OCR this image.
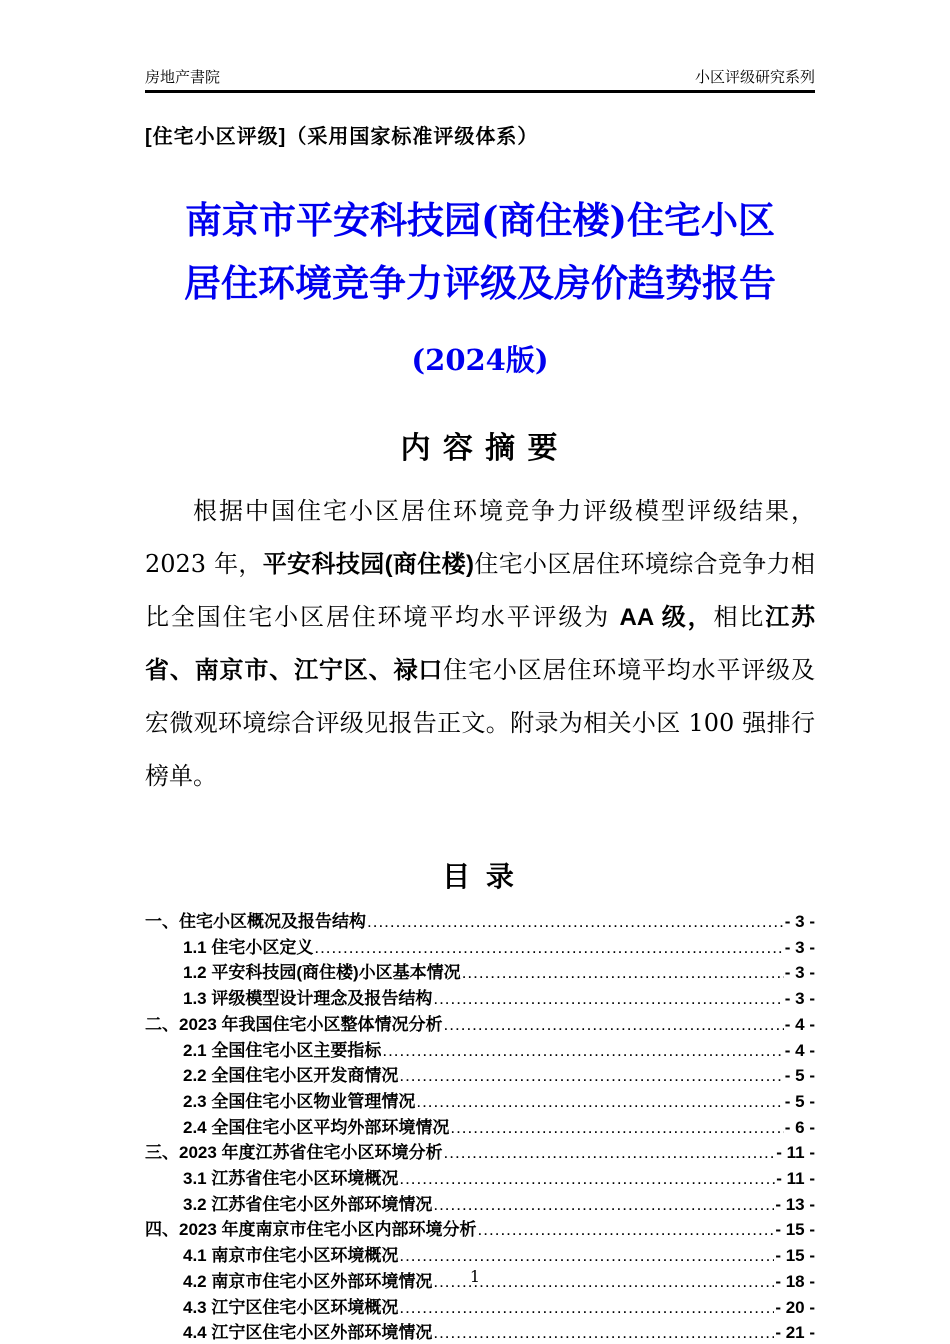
房地产書院	小区评级研究系列
[住宅小区评级]（采用国家标准评级体系）
南京市平安科技园(商住楼)住宅小区
居住环境竞争力评级及房价趋势报告
(2024版)
内 容 摘 要

根据中国住宅小区居住环境竞争力评级模型评级结果，2023 年，平安科技园(商住楼)住宅小区居住环境综合竞争力相比全国住宅小区居住环境平均水平评级为 AA 级，相比江苏省、南京市、江宁区、禄口住宅小区居住环境平均水平评级及宏微观环境综合评级见报告正文。附录为相关小区 100 强排行榜单。

目 录
一、住宅小区概况及报告结构 .....	- 3 -
1.1 住宅小区定义 .....	- 3 -
1.2 平安科技园(商住楼)小区基本情况 .....	- 3 -
1.3 评级模型设计理念及报告结构 .....	- 3 -
二、2023 年我国住宅小区整体情况分析 .....	- 4 -
2.1 全国住宅小区主要指标 .....	- 4 -
2.2 全国住宅小区开发商情况 .....	- 5 -
2.3 全国住宅小区物业管理情况 .....	- 5 -
2.4 全国住宅小区平均外部环境情况 .....	- 6 -
三、2023 年度江苏省住宅小区环境分析 .....	- 11 -
3.1 江苏省住宅小区环境概况 .....	- 11 -
3.2 江苏省住宅小区外部环境情况 .....	- 13 -
四、2023 年度南京市住宅小区内部环境分析 .....	- 15 -
4.1 南京市住宅小区环境概况 .....	- 15 -
4.2 南京市住宅小区外部环境情况 .....	- 18 -
4.3 江宁区住宅小区环境概况 .....	- 20 -
4.4 江宁区住宅小区外部环境情况 .....	- 21 -
1
